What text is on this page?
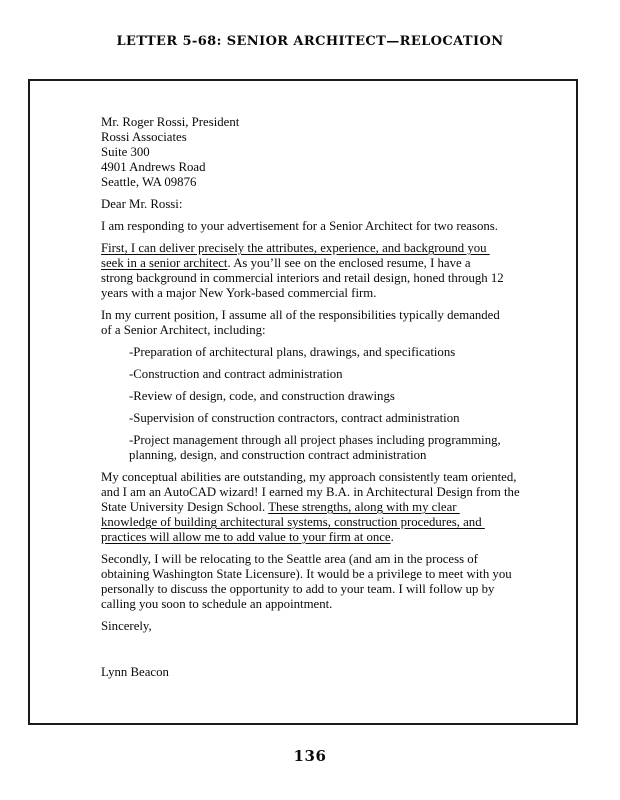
LETTER 5-68: SENIOR ARCHITECT—RELOCATION
Mr. Roger Rossi, President
Rossi Associates
Suite 300
4901 Andrews Road
Seattle, WA 09876
Dear Mr. Rossi:
I am responding to your advertisement for a Senior Architect for two reasons.
First, I can deliver precisely the attributes, experience, and background you
seek in a senior architect. As you’ll see on the enclosed resume, I have a
strong background in commercial interiors and retail design, honed through 12
years with a major New York-based commercial firm.
In my current position, I assume all of the responsibilities typically demanded
of a Senior Architect, including:
-Preparation of architectural plans, drawings, and specifications
-Construction and contract administration
-Review of design, code, and construction drawings
-Supervision of construction contractors, contract administration
-Project management through all project phases including programming,
planning, design, and construction contract administration
My conceptual abilities are outstanding, my approach consistently team oriented,
and I am an AutoCAD wizard! I earned my B.A. in Architectural Design from the
State University Design School. These strengths, along with my clear
knowledge of building architectural systems, construction procedures, and
practices will allow me to add value to your firm at once.
Secondly, I will be relocating to the Seattle area (and am in the process of
obtaining Washington State Licensure). It would be a privilege to meet with you
personally to discuss the opportunity to add to your team. I will follow up by
calling you soon to schedule an appointment.
Sincerely,
Lynn Beacon
136
